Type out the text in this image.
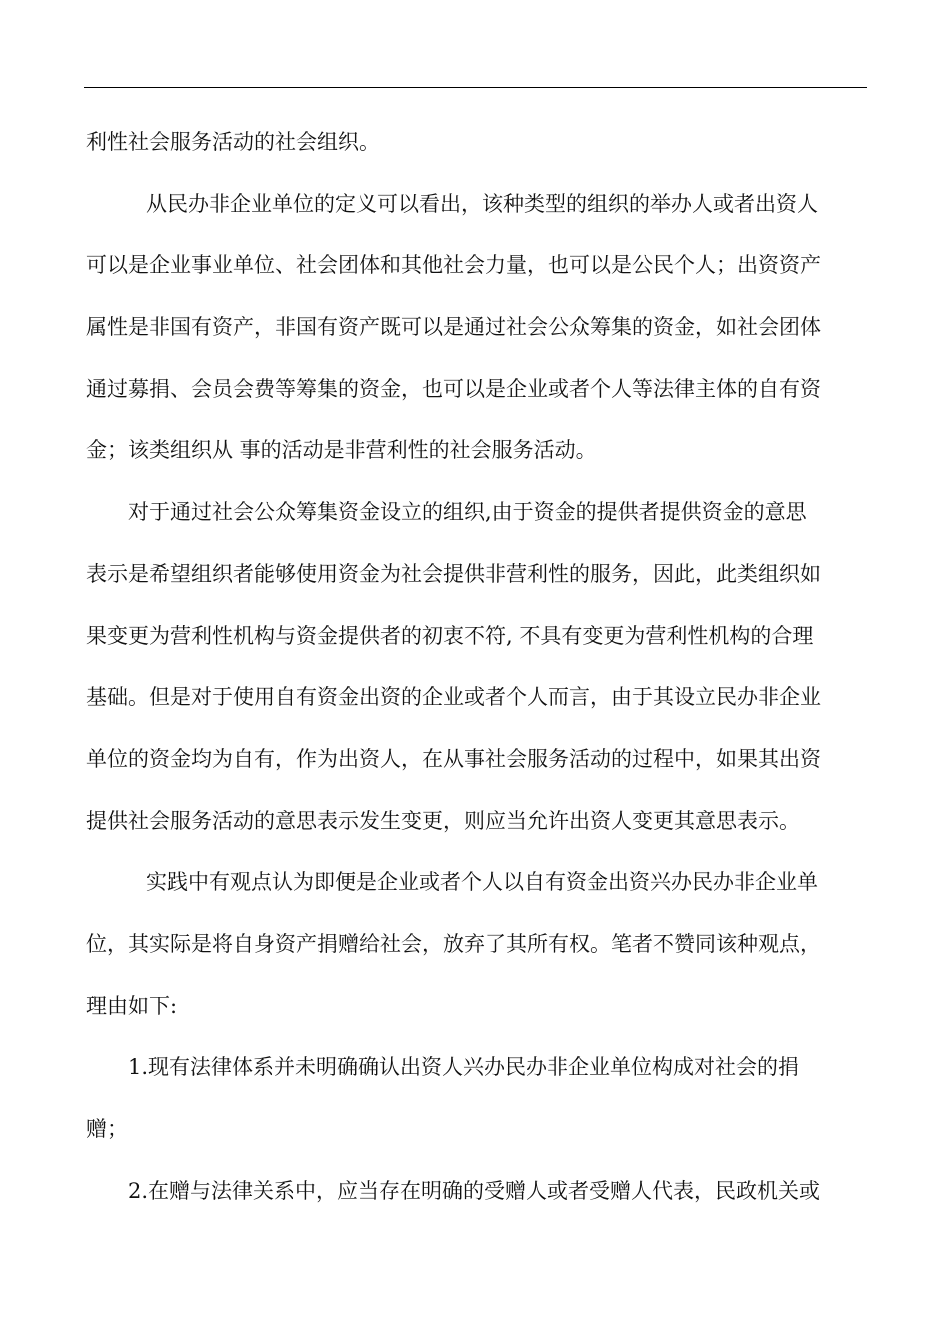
利性社会服务活动的社会组织。
从民办非企业单位的定义可以看出，该种类型的组织的举办人或者出资人
可以是企业事业单位、社会团体和其他社会力量，也可以是公民个人；出资资产
属性是非国有资产，非国有资产既可以是通过社会公众筹集的资金，如社会团体
通过募捐、会员会费等筹集的资金，也可以是企业或者个人等法律主体的自有资
金；该类组织从 事的活动是非营利性的社会服务活动。
对于通过社会公众筹集资金设立的组织,由于资金的提供者提供资金的意思
表示是希望组织者能够使用资金为社会提供非营利性的服务，因此，此类组织如
果变更为营利性机构与资金提供者的初衷不符, 不具有变更为营利性机构的合理
基础。但是对于使用自有资金出资的企业或者个人而言，由于其设立民办非企业
单位的资金均为自有，作为出资人，在从事社会服务活动的过程中，如果其出资
提供社会服务活动的意思表示发生变更，则应当允许出资人变更其意思表示。
实践中有观点认为即便是企业或者个人以自有资金出资兴办民办非企业单
位，其实际是将自身资产捐赠给社会，放弃了其所有权。笔者不赞同该种观点，
理由如下:
1.现有法律体系并未明确确认出资人兴办民办非企业单位构成对社会的捐
赠；
2.在赠与法律关系中，应当存在明确的受赠人或者受赠人代表，民政机关或
